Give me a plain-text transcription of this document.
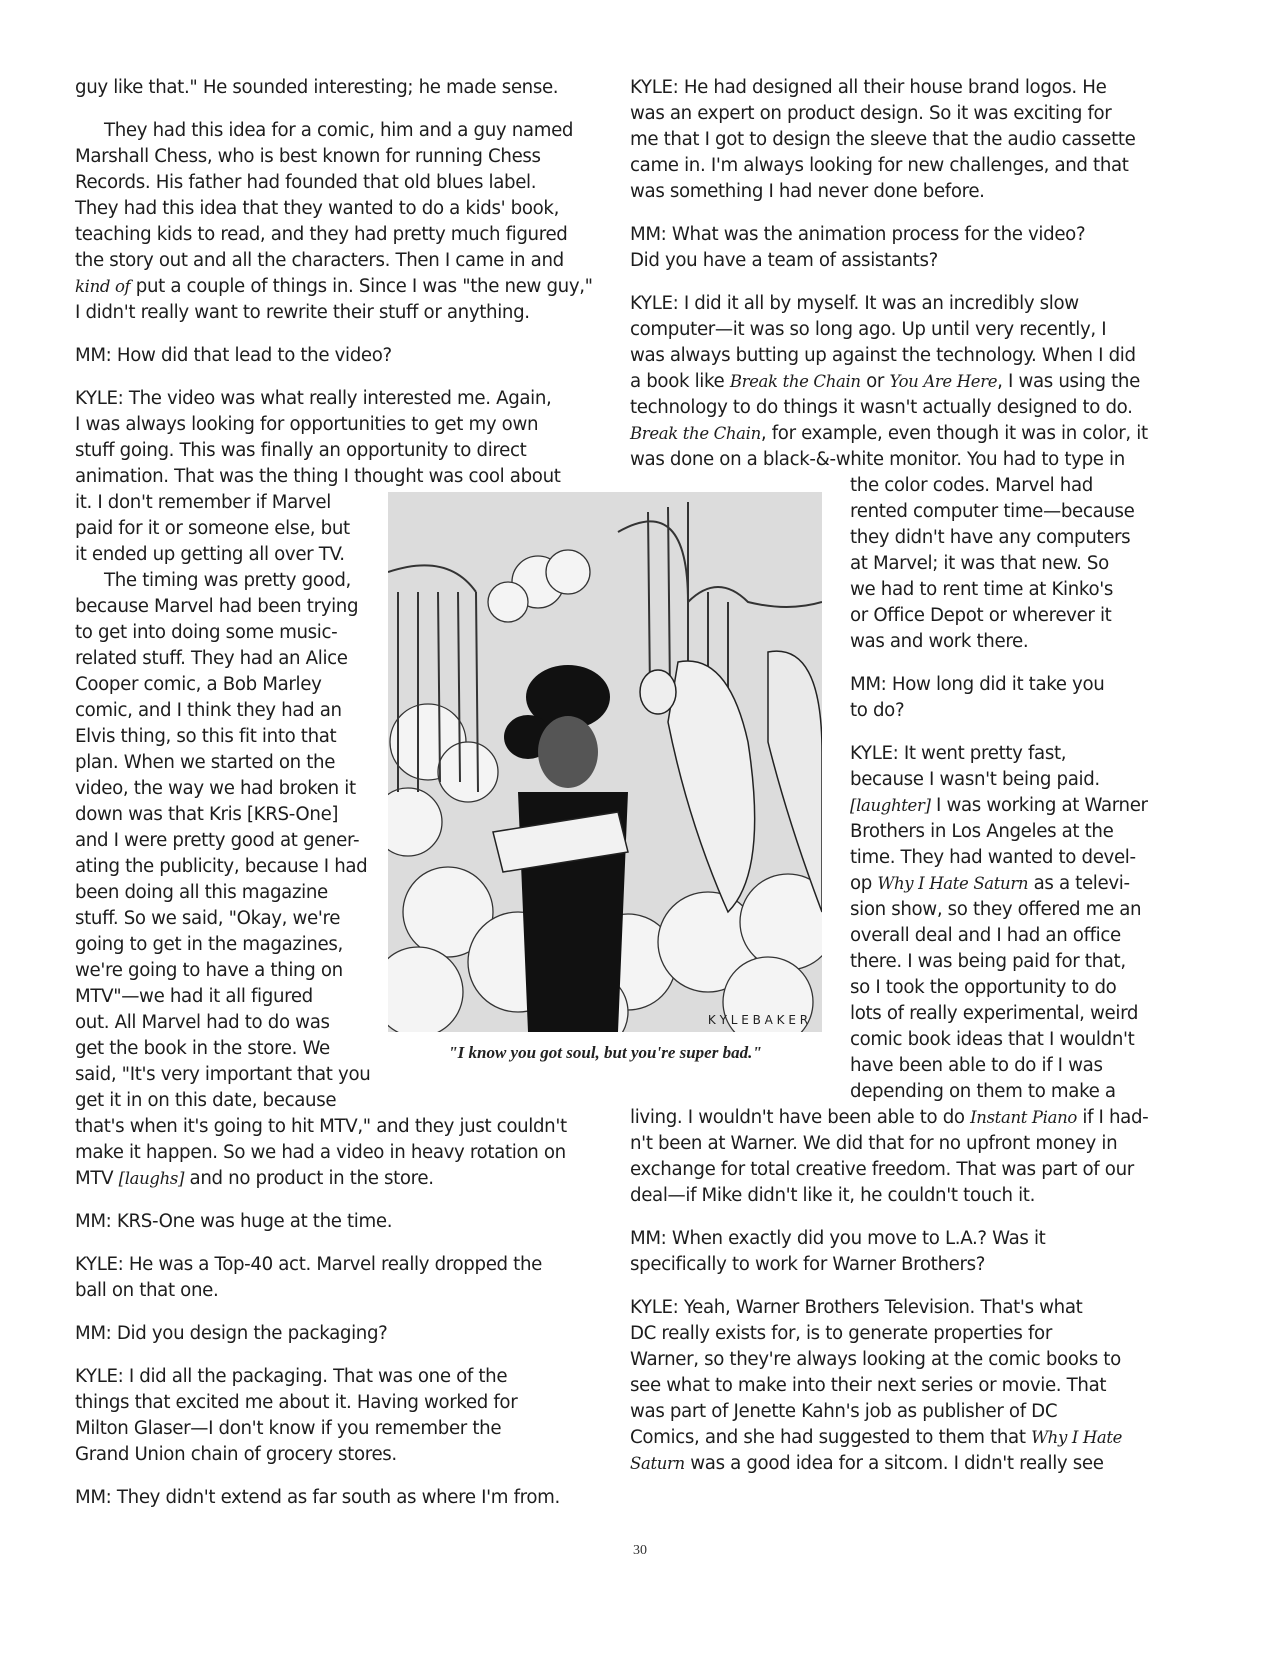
guy like that." He sounded interesting; he made sense.
They had this idea for a comic, him and a guy named
Marshall Chess, who is best known for running Chess
Records. His father had founded that old blues label.
They had this idea that they wanted to do a kids' book,
teaching kids to read, and they had pretty much figured
the story out and all the characters. Then I came in and
kind of put a couple of things in. Since I was "the new guy,"
I didn't really want to rewrite their stuff or anything.
MM: How did that lead to the video?
KYLE: The video was what really interested me. Again,
I was always looking for opportunities to get my own
stuff going. This was finally an opportunity to direct
animation. That was the thing I thought was cool about
it. I don't remember if Marvel
paid for it or someone else, but
it ended up getting all over TV.
The timing was pretty good,
because Marvel had been trying
to get into doing some music-
related stuff. They had an Alice
Cooper comic, a Bob Marley
comic, and I think they had an
Elvis thing, so this fit into that
plan. When we started on the
video, the way we had broken it
down was that Kris [KRS-One]
and I were pretty good at gener-
ating the publicity, because I had
been doing all this magazine
stuff. So we said, "Okay, we're
going to get in the magazines,
we're going to have a thing on
MTV"—we had it all figured
out. All Marvel had to do was
get the book in the store. We
said, "It's very important that you
get it in on this date, because
that's when it's going to hit MTV," and they just couldn't
make it happen. So we had a video in heavy rotation on
MTV [laughs] and no product in the store.
MM: KRS-One was huge at the time.
KYLE: He was a Top-40 act. Marvel really dropped the
ball on that one.
MM: Did you design the packaging?
KYLE: I did all the packaging. That was one of the
things that excited me about it. Having worked for
Milton Glaser—I don't know if you remember the
Grand Union chain of grocery stores.
MM: They didn't extend as far south as where I'm from.
KYLE: He had designed all their house brand logos. He
was an expert on product design. So it was exciting for
me that I got to design the sleeve that the audio cassette
came in. I'm always looking for new challenges, and that
was something I had never done before.
MM: What was the animation process for the video?
Did you have a team of assistants?
KYLE: I did it all by myself. It was an incredibly slow
computer—it was so long ago. Up until very recently, I
was always butting up against the technology. When I did
a book like Break the Chain or You Are Here, I was using the
technology to do things it wasn't actually designed to do.
Break the Chain, for example, even though it was in color, it
was done on a black-&-white monitor. You had to type in
the color codes. Marvel had
rented computer time—because
they didn't have any computers
at Marvel; it was that new. So
we had to rent time at Kinko's
or Office Depot or wherever it
was and work there.
MM: How long did it take you
to do?
KYLE: It went pretty fast,
because I wasn't being paid.
[laughter] I was working at Warner
Brothers in Los Angeles at the
time. They had wanted to devel-
op Why I Hate Saturn as a televi-
sion show, so they offered me an
overall deal and I had an office
there. I was being paid for that,
so I took the opportunity to do
lots of really experimental, weird
comic book ideas that I wouldn't
have been able to do if I was
depending on them to make a
living. I wouldn't have been able to do Instant Piano if I had-
n't been at Warner. We did that for no upfront money in
exchange for total creative freedom. That was part of our
deal—if Mike didn't like it, he couldn't touch it.
MM: When exactly did you move to L.A.? Was it
specifically to work for Warner Brothers?
KYLE: Yeah, Warner Brothers Television. That's what
DC really exists for, is to generate properties for
Warner, so they're always looking at the comic books to
see what to make into their next series or movie. That
was part of Jenette Kahn's job as publisher of DC
Comics, and she had suggested to them that Why I Hate
Saturn was a good idea for a sitcom. I didn't really see
K Y L E B A K E R
"I know you got soul, but you're super bad."
30
